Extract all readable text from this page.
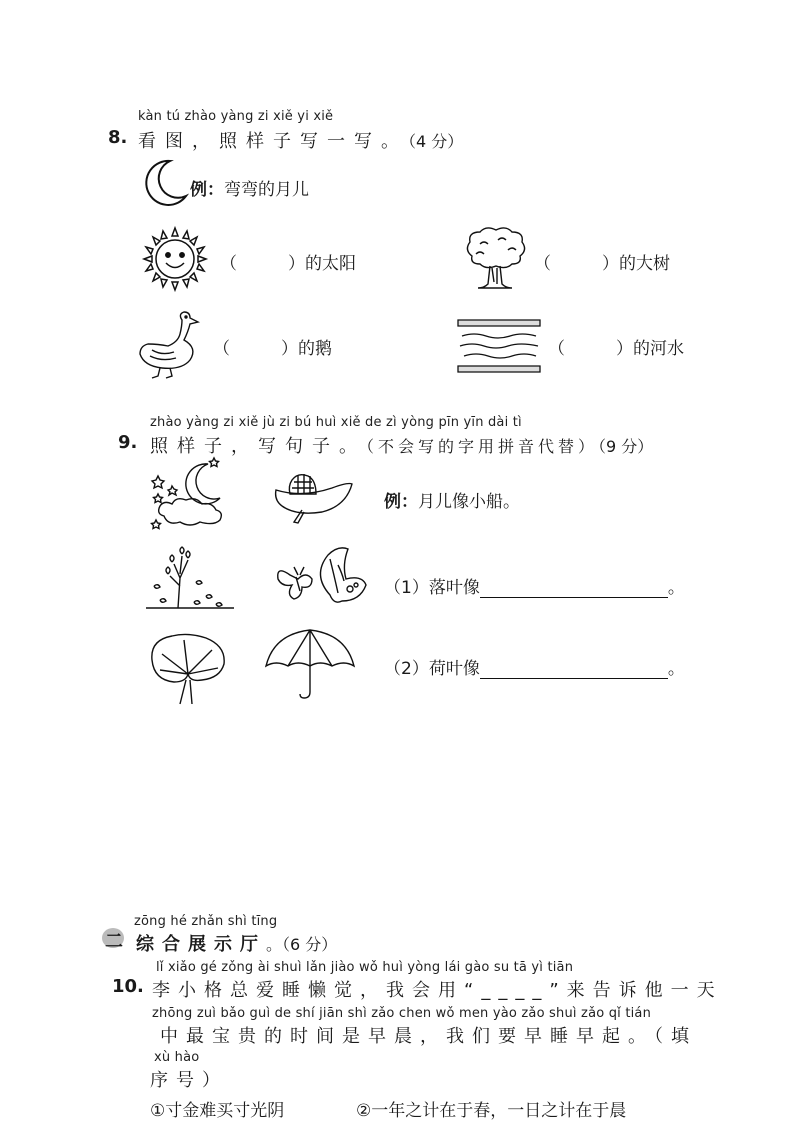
kàn tú zhào yàng zi xiě yi xiě
8. 看图，照样子写一写。（4 分）
例：弯弯的月儿
（　　　）的太阳	（　　　）的大树
（　　　）的鹅	（　　　）的河水
zhào yàng zi xiě jù zi bú huì xiě de zì yòng pīn yīn dài tì
9. 照样子，写句子。（不会写的字用拼音代替）（9 分）
例：月儿像小船。
（1）落叶像	。
（2）荷叶像	。
zōng hé zhǎn shì tīng
二 综合展示厅。（6 分）
lǐ xiǎo gé zǒng ài shuì lǎn jiào wǒ huì yòng lái gào su tā yì tiān
10. 李小格总爱睡懒觉，我会用“____”来告诉他一天
zhōng zuì bǎo guì de shí jiān shì zǎo chen wǒ men yào zǎo shuì zǎo qǐ tián
中最宝贵的时间是早晨，我们要早睡早起。（填
xù hào
序号）
①寸金难买寸光阴	②一年之计在于春，一日之计在于晨
